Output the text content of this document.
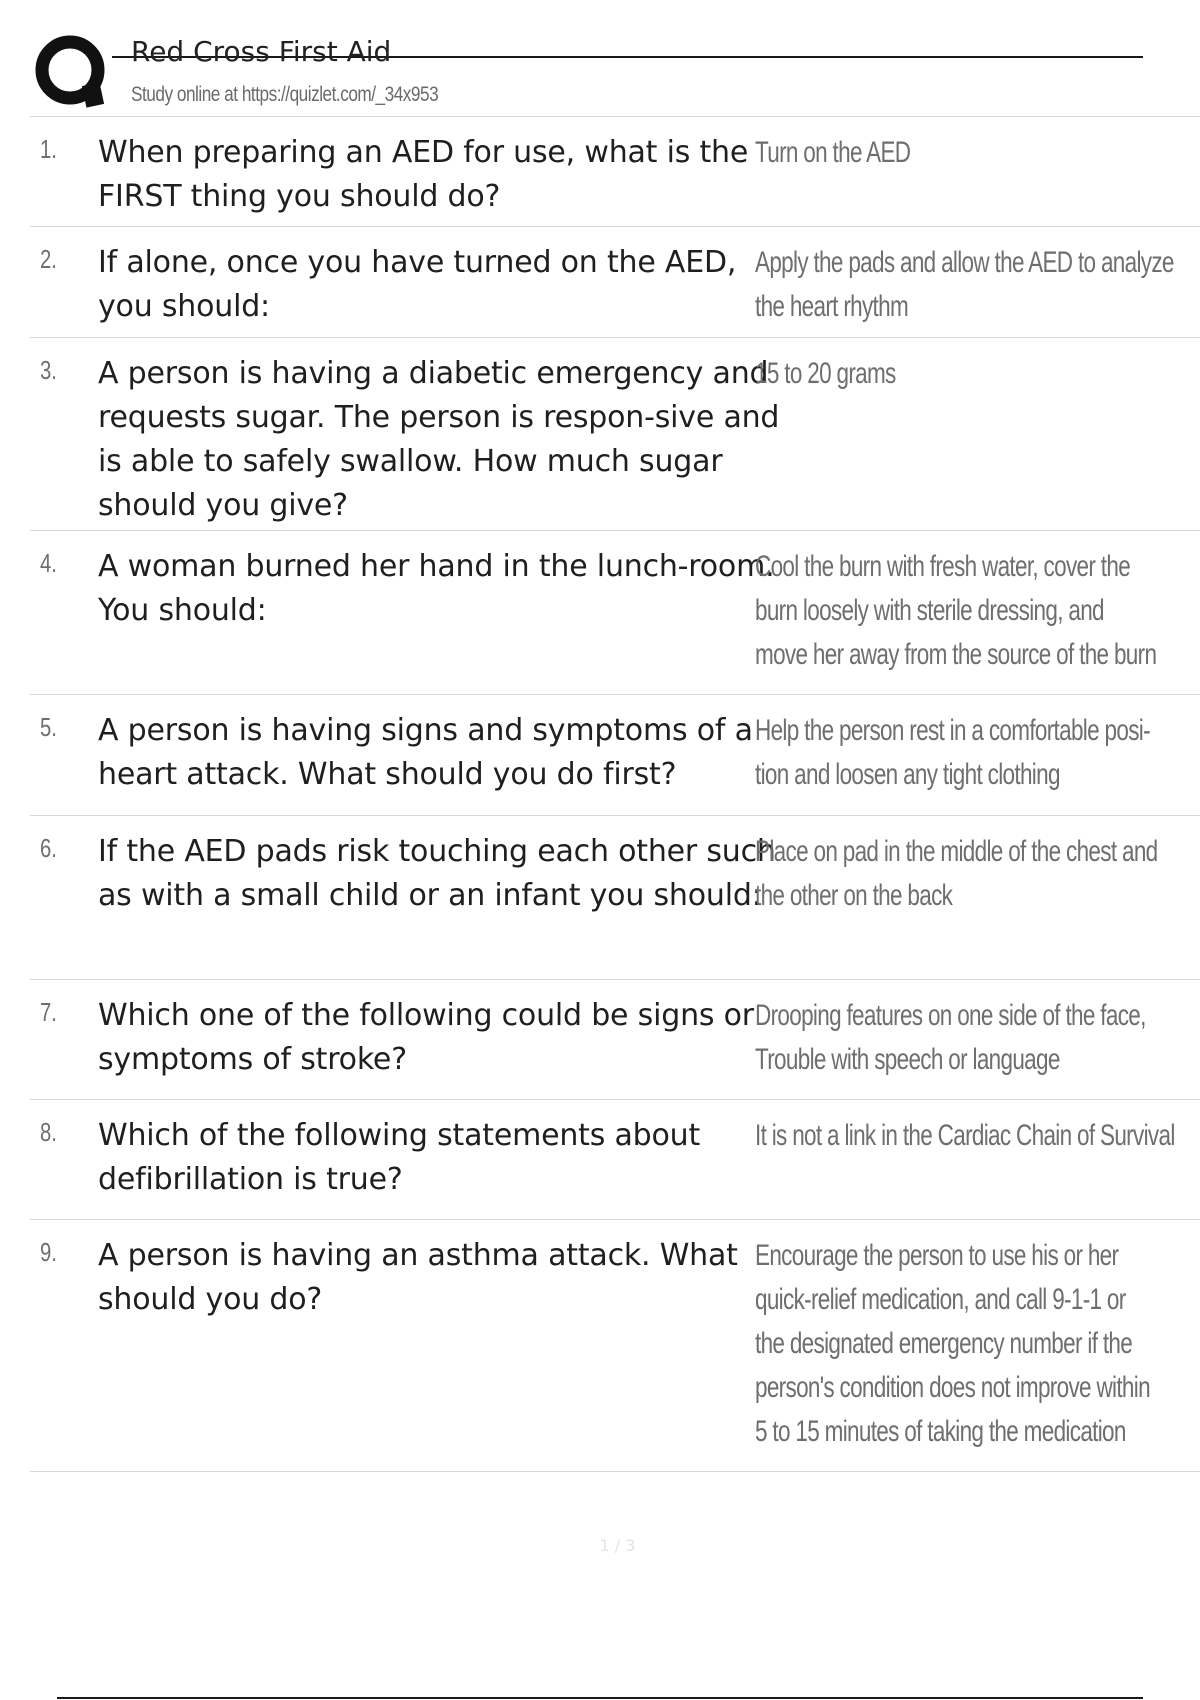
Red Cross First Aid
Study online at https://quizlet.com/_34x953
1. When preparing an AED for use, what is the FIRST thing you should do?
Turn on the AED
2. If alone, once you have turned on the AED, you should:
Apply the pads and allow the AED to analyze
the heart rhythm
3. A person is having a diabetic emergency and requests sugar. The person is respon-sive and is able to safely swallow. How much sugar should you give?
15 to 20 grams
4. A woman burned her hand in the lunch-room. You should:
Cool the burn with fresh water, cover the
burn loosely with sterile dressing, and
move her away from the source of the burn
5. A person is having signs and symptoms of a heart attack. What should you do first?
Help the person rest in a comfortable posi-
tion and loosen any tight clothing
6. If the AED pads risk touching each other such as with a small child or an infant you should:
Place on pad in the middle of the chest and
the other on the back
7. Which one of the following could be signs or symptoms of stroke?
Drooping features on one side of the face,
Trouble with speech or language
8. Which of the following statements about defibrillation is true?
It is not a link in the Cardiac Chain of Survival
9. A person is having an asthma attack. What should you do?
Encourage the person to use his or her
quick-relief medication, and call 9-1-1 or
the designated emergency number if the
person's condition does not improve within
5 to 15 minutes of taking the medication
1 / 3
